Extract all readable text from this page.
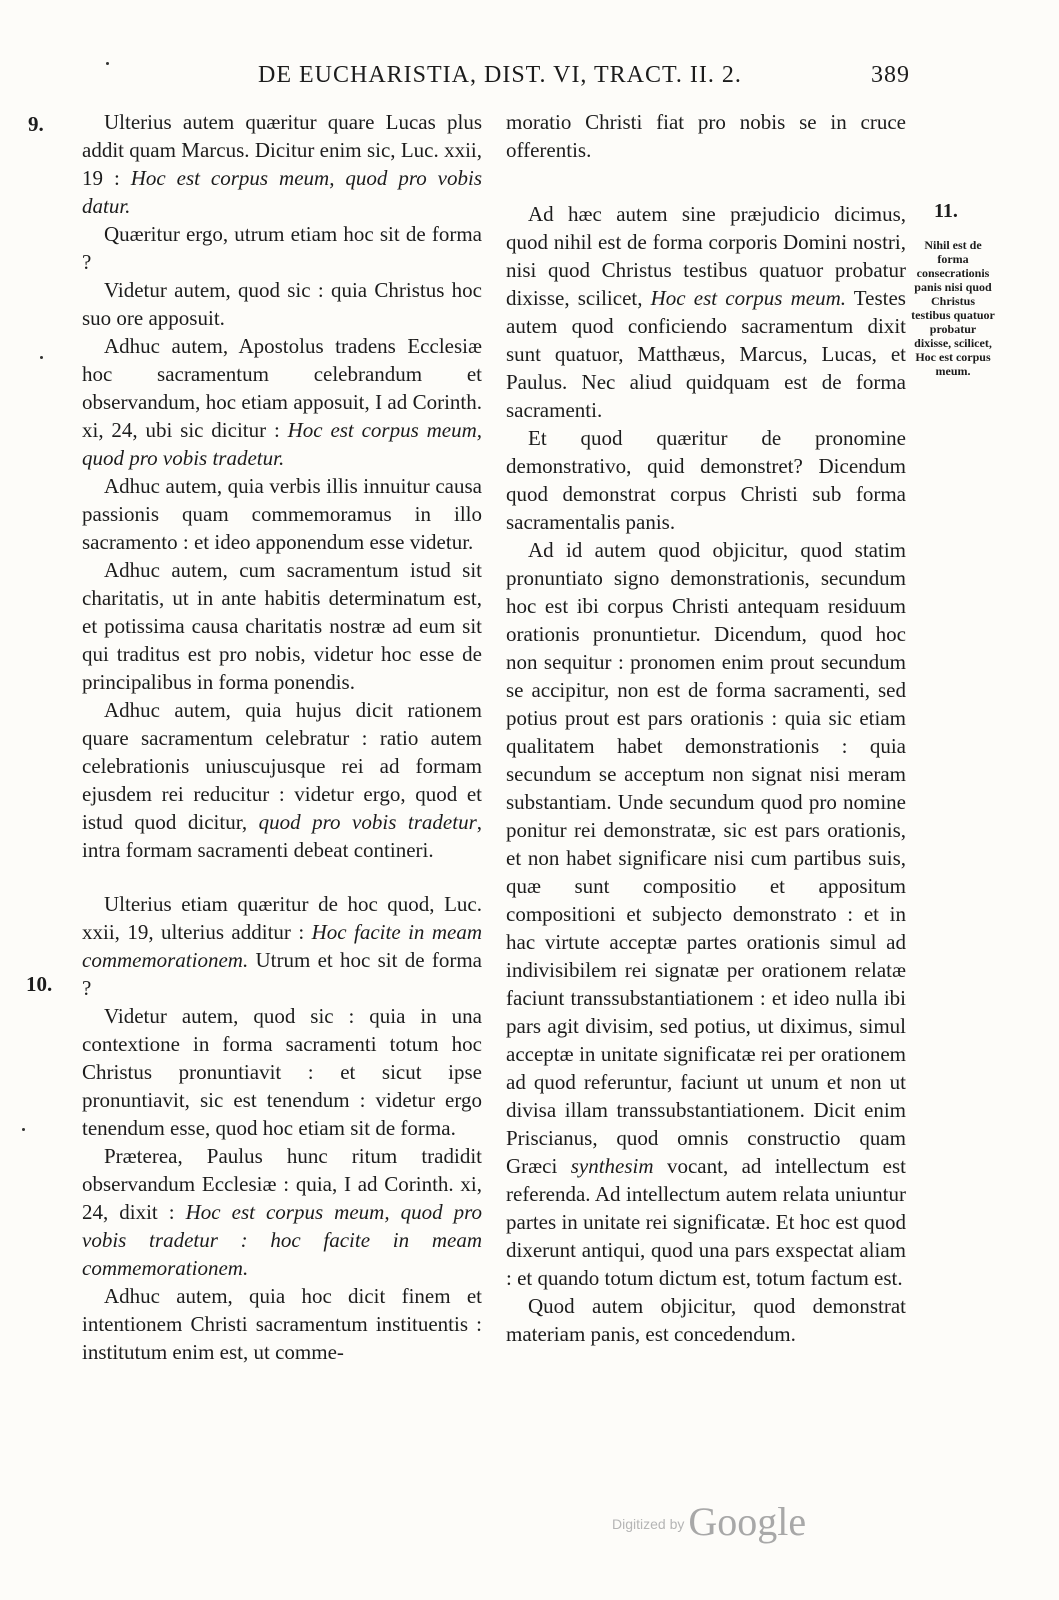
DE EUCHARISTIA, DIST. VI, TRACT. II. 2.	389
9.
10.

Ulterius autem quæritur quare Lucas plus addit quam Marcus. Dicitur enim sic, Luc. xxii, 19 : Hoc est corpus meum, quod pro vobis datur.

Quæritur ergo, utrum etiam hoc sit de forma ?

Videtur autem, quod sic : quia Christus hoc suo ore apposuit.

Adhuc autem, Apostolus tradens Ecclesiæ hoc sacramentum celebrandum et observandum, hoc etiam apposuit, I ad Corinth. xi, 24, ubi sic dicitur : Hoc est corpus meum, quod pro vobis tradetur.

Adhuc autem, quia verbis illis innuitur causa passionis quam commemoramus in illo sacramento : et ideo apponendum esse videtur.

Adhuc autem, cum sacramentum istud sit charitatis, ut in ante habitis determinatum est, et potissima causa charitatis nostræ ad eum sit qui traditus est pro nobis, videtur hoc esse de principalibus in forma ponendis.

Adhuc autem, quia hujus dicit rationem quare sacramentum celebratur : ratio autem celebrationis uniuscujusque rei ad formam ejusdem rei reducitur : videtur ergo, quod et istud quod dicitur, quod pro vobis tradetur, intra formam sacramenti debeat contineri.

Ulterius etiam quæritur de hoc quod, Luc. xxii, 19, ulterius additur : Hoc facite in meam commemorationem. Utrum et hoc sit de forma ?

Videtur autem, quod sic : quia in una contextione in forma sacramenti totum hoc Christus pronuntiavit : et sicut ipse pronuntiavit, sic est tenendum : videtur ergo tenendum esse, quod hoc etiam sit de forma.

Præterea, Paulus hunc ritum tradidit observandum Ecclesiæ : quia, I ad Corinth. xi, 24, dixit : Hoc est corpus meum, quod pro vobis tradetur : hoc facite in meam commemorationem.

Adhuc autem, quia hoc dicit finem et intentionem Christi sacramentum instituentis : institutum enim est, ut comme-

moratio Christi fiat pro nobis se in cruce offerentis.

Ad hæc autem sine præjudicio dicimus, quod nihil est de forma corporis Domini nostri, nisi quod Christus testibus quatuor probatur dixisse, scilicet, Hoc est corpus meum. Testes autem quod conficiendo sacramentum dixit sunt quatuor, Matthæus, Marcus, Lucas, et Paulus. Nec aliud quidquam est de forma sacramenti.

Et quod quæritur de pronomine demonstrativo, quid demonstret? Dicendum quod demonstrat corpus Christi sub forma sacramentalis panis.

Ad id autem quod objicitur, quod statim pronuntiato signo demonstrationis, secundum hoc est ibi corpus Christi antequam residuum orationis pronuntietur. Dicendum, quod hoc non sequitur : pronomen enim prout secundum se accipitur, non est de forma sacramenti, sed potius prout est pars orationis : quia sic etiam qualitatem habet demonstrationis : quia secundum se acceptum non signat nisi meram substantiam. Unde secundum quod pro nomine ponitur rei demonstratæ, sic est pars orationis, et non habet significare nisi cum partibus suis, quæ sunt compositio et appositum compositioni et subjecto demonstrato : et in hac virtute acceptæ partes orationis simul ad indivisibilem rei signatæ per orationem relatæ faciunt transsubstantiationem : et ideo nulla ibi pars agit divisim, sed potius, ut diximus, simul acceptæ in unitate significatæ rei per orationem ad quod referuntur, faciunt ut unum et non ut divisa illam transsubstantiationem. Dicit enim Priscianus, quod omnis constructio quam Græci synthesim vocant, ad intellectum est referenda. Ad intellectum autem relata uniuntur partes in unitate rei significatæ. Et hoc est quod dixerunt antiqui, quod una pars exspectat aliam : et quando totum dictum est, totum factum est.

Quod autem objicitur, quod demonstrat materiam panis, est concedendum.

11.
Nihil est de forma consecrationis panis nisi quod Christus testibus quatuor probatur dixisse, scilicet, Hoc est corpus meum.
Digitized by Google
